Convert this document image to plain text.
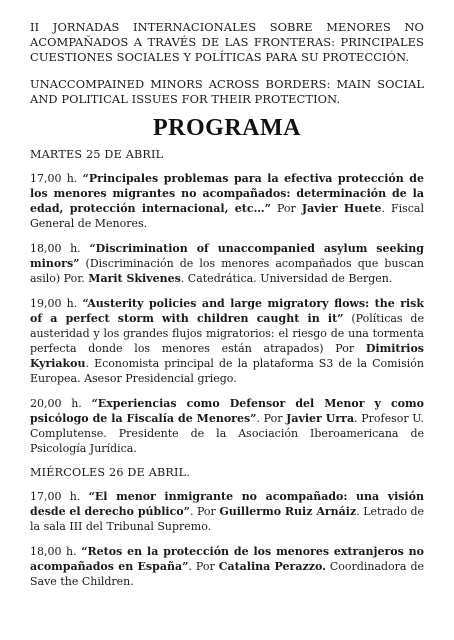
II JORNADAS INTERNACIONALES SOBRE MENORES NO ACOMPAÑADOS A TRAVÉS DE LAS FRONTERAS: PRINCIPALES CUESTIONES SOCIALES Y POLÍTICAS PARA SU PROTECCIÓN.

UNACCOMPAINED MINORS ACROSS BORDERS: MAIN SOCIAL AND POLITICAL ISSUES FOR THEIR PROTECTION.

PROGRAMA

MARTES 25 DE ABRIL

17,00 h. “Principales problemas para la efectiva protección de los menores migrantes no acompañados: determinación de la edad, protección internacional, etc…” Por Javier Huete. Fiscal General de Menores.

18,00 h. “Discrimination of unaccompanied asylum seeking minors” (Discriminación de los menores acompañados que buscan asilo) Por. Marit Skivenes. Catedrática. Universidad de Bergen.

19,00 h. “Austerity policies and large migratory flows: the risk of a perfect storm with children caught in it” (Políticas de austeridad y los grandes flujos migratorios: el riesgo de una tormenta perfecta donde los menores están atrapados) Por Dimitrios Kyriakou. Economista principal de la plataforma S3 de la Comisión Europea. Asesor Presidencial griego.

20,00 h. “Experiencias como Defensor del Menor y como psicólogo de la Fiscalía de Menores”. Por Javier Urra. Profesor U. Complutense. Presidente de la Asociación Iberoamericana de Psicología Jurídica.

MIÉRCOLES 26 DE ABRIL.

17,00 h. “El menor inmigrante no acompañado: una visión desde el derecho público”. Por Guillermo Ruiz Arnáiz. Letrado de la sala III del Tribunal Supremo.

18,00 h. “Retos en la protección de los menores extranjeros no acompañados en España”. Por Catalina Perazzo. Coordinadora de Save the Children.
